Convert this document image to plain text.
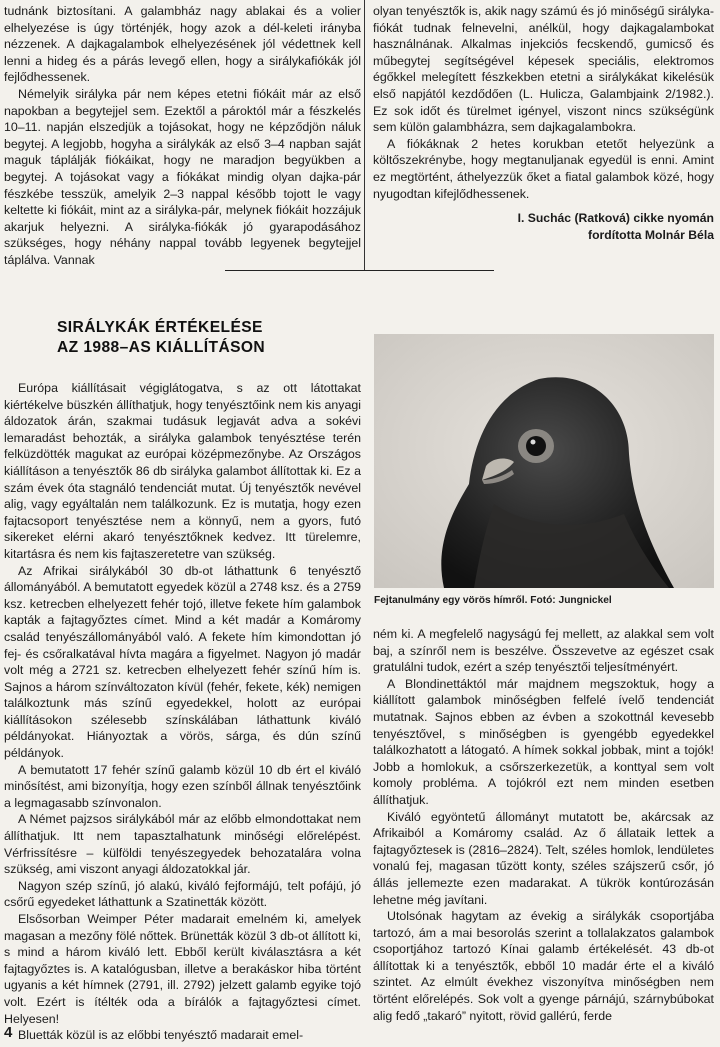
tudnánk biztosítani. A galambház nagy ablakai és a volier elhelyezése is úgy történjék, hogy azok a dél-keleti irányba nézzenek. A dajkagalambok elhelyezésének jól védettnek kell lenni a hideg és a párás levegő ellen, hogy a sirálykafiókák jól fejlődhessenek.

Némelyik sirályka pár nem képes etetni fiókáit már az első napokban a begytejjel sem. Ezektől a pároktól már a fészkelés 10–11. napján elszedjük a tojásokat, hogy ne képződjön náluk begytej. A legjobb, hogyha a sirálykák az első 3–4 napban saját maguk táplálják fiókáikat, hogy ne maradjon begyükben a begytej. A tojásokat vagy a fiókákat mindig olyan dajka-pár fészkébe tesszük, amelyik 2–3 nappal később tojott le vagy keltette ki fiókáit, mint az a sirályka-pár, melynek fiókáit hozzájuk akarjuk helyezni. A sirályka-fiókák jó gyarapodásához szükséges, hogy néhány nappal tovább legyenek begytejjel táplálva. Vannak

olyan tenyésztők is, akik nagy számú és jó minőségű sirályka-fiókát tudnak felnevelni, anélkül, hogy dajkagalambokat használnának. Alkalmas injekciós fecskendő, gumicső és műbegytej segítségével képesek speciális, elektromos égőkkel melegített fészkekben etetni a sirálykákat kikelésük első napjától kezdődően (L. Hulicza, Galambjaink 2/1982.). Ez sok időt és türelmet igényel, viszont nincs szükségünk sem külön galambházra, sem dajkagalambokra.

A fiókáknak 2 hetes korukban etetőt helyezünk a költőszekrénybe, hogy megtanuljanak egyedül is enni. Amint ez megtörtént, áthelyezzük őket a fiatal galambok közé, hogy nyugodtan kifejlődhessenek.

I. Suchác (Ratková) cikke nyomán
fordította Molnár Béla
SIRÁLYKÁK ÉRTÉKELÉSE
AZ 1988–AS KIÁLLÍTÁSON

Európa kiállításait végiglátogatva, s az ott látottakat kiértékelve büszkén állíthatjuk, hogy tenyésztőink nem kis anyagi áldozatok árán, szakmai tudásuk legjavát adva a sokévi lemaradást behozták, a sirályka galambok tenyésztése terén felküzdötték magukat az európai középmezőnybe. Az Országos kiállításon a tenyésztők 86 db sirályka galambot állítottak ki. Ez a szám évek óta stagnáló tendenciát mutat. Új tenyésztők nevével alig, vagy egyáltalán nem találkozunk. Ez is mutatja, hogy ezen fajtacsoport tenyésztése nem a könnyű, nem a gyors, futó sikereket elérni akaró tenyésztőknek kedvez. Itt türelemre, kitartásra és nem kis fajtaszeretetre van szükség.

Az Afrikai sirálykából 30 db-ot láthattunk 6 tenyésztő állományából. A bemutatott egyedek közül a 2748 ksz. és a 2759 ksz. ketrecben elhelyezett fehér tojó, illetve fekete hím galambok kapták a fajtagyőztes címet. Mind a két madár a Komáromy család tenyészállományából való. A fekete hím kimondottan jó fej- és csőralkatával hívta magára a figyelmet. Nagyon jó madár volt még a 2721 sz. ketrecben elhelyezett fehér színű hím is. Sajnos a három színváltozaton kívül (fehér, fekete, kék) nemigen találkoztunk más színű egyedekkel, holott az európai kiállításokon szélesebb színskálában láthattunk kiváló példányokat. Hiányoztak a vörös, sárga, és dún színű példányok.

A bemutatott 17 fehér színű galamb közül 10 db ért el kiváló minősítést, ami bizonyítja, hogy ezen színből állnak tenyésztőink a legmagasabb színvonalon.

A Német pajzsos sirálykából már az előbb elmondottakat nem állíthatjuk. Itt nem tapasztalhatunk minőségi előrelépést. Vérfrissítésre – külföldi tenyészegyedek behozatalára volna szükség, ami viszont anyagi áldozatokkal jár.

Nagyon szép színű, jó alakú, kiváló fejformájú, telt pofájú, jó csőrű egyedeket láthattunk a Szatinetták között.

Elsősorban Weimper Péter madarait emelném ki, amelyek magasan a mezőny fölé nőttek. Brünetták közül 3 db-ot állított ki, s mind a három kiváló lett. Ebből került kiválasztásra a két fajtagyőztes is. A katalógusban, illetve a berakáskor hiba történt ugyanis a két hímnek (2791, ill. 2792) jelzett galamb egyike tojó volt. Ezért is ítélték oda a bírálók a fajtagyőztesi címet. Helyesen!

Bluetták közül is az előbbi tenyésztő madarait emel-

Fejtanulmány egy vörös hímről. Fotó: Jungnickel

ném ki. A megfelelő nagyságú fej mellett, az alakkal sem volt baj, a színről nem is beszélve. Összevetve az egészet csak gratulálni tudok, ezért a szép tenyésztői teljesítményért.

A Blondinettáktól már majdnem megszoktuk, hogy a kiállított galambok minőségben felfelé ívelő tendenciát mutatnak. Sajnos ebben az évben a szokottnál kevesebb tenyésztővel, s minőségben is gyengébb egyedekkel találkozhatott a látogató. A hímek sokkal jobbak, mint a tojók! Jobb a homlokuk, a csőrszerkezetük, a konttyal sem volt komoly probléma. A tojókról ezt nem minden esetben állíthatjuk.

Kiváló egyöntetű állományt mutatott be, akárcsak az Afrikaiból a Komáromy család. Az ő állataik lettek a fajtagyőztesek is (2816–2824). Telt, széles homlok, lendületes vonalú fej, magasan tűzött konty, széles szájszerű csőr, jó állás jellemezte ezen madarakat. A tükrök kontúrozásán lehetne még javítani.

Utolsónak hagytam az évekig a sirálykák csoportjába tartozó, ám a mai besorolás szerint a tollalakzatos galambok csoportjához tartozó Kínai galamb értékelését. 43 db-ot állítottak ki a tenyésztők, ebből 10 madár érte el a kiváló szintet. Az elmúlt évekhez viszonyítva minőségben nem történt előrelépés. Sok volt a gyenge párnájú, szárnybúbokat alig fedő „takaró” nyitott, rövid gallérú, ferde

4
